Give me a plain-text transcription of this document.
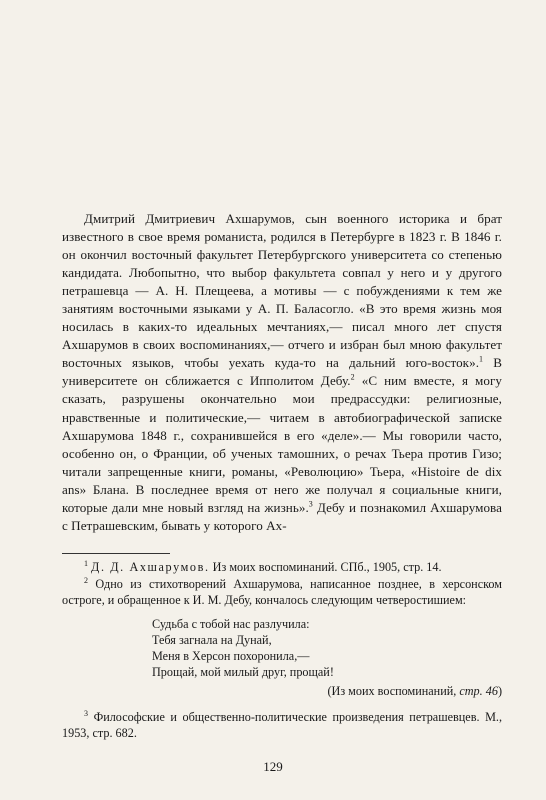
Дмитрий Дмитриевич Ахшарумов, сын военного историка и брат известного в свое время романиста, родился в Петербурге в 1823 г. В 1846 г. он окончил восточный факультет Петербургского университета со степенью кандидата. Любопытно, что выбор факультета совпал у него и у другого петрашевца — А. Н. Плещеева, а мотивы — с побуждениями к тем же занятиям восточными языками у А. П. Баласогло. «В это время жизнь моя носилась в каких-то идеальных мечтаниях,— писал много лет спустя Ахшарумов в своих воспоминаниях,— отчего и избран был мною факультет восточных языков, чтобы уехать куда-то на дальний юго-восток».$^1$ В университете он сближается с Ипполитом Дебу.$^2$ «С ним вместе, я могу сказать, разрушены окончательно мои предрассудки: религиозные, нравственные и политические,— читаем в автобиографической записке Ахшарумова 1848 г., сохранившейся в его «деле».— Мы говорили часто, особенно он, о Франции, об ученых тамошних, о речах Тьера против Гизо; читали запрещенные книги, романы, «Революцию» Тьера, «Histoire de dix ans» Блана. В последнее время от него же получал я социальные книги, которые дали мне новый взгляд на жизнь».$^3$ Дебу и познакомил Ахшарумова с Петрашевским, бывать у которого Ах-

$^1$ Д. Д. Ахшарумов. Из моих воспоминаний. СПб., 1905, стр. 14.

$^2$ Одно из стихотворений Ахшарумова, написанное позднее, в херсонском остроге, и обращенное к И. М. Дебу, кончалось следующим четверостишием:

Судьба с тобой нас разлучила:
Тебя загнала на Дунай,
Меня в Херсон похоронила,—
Прощай, мой милый друг, прощай!
(Из моих воспоминаний, стр. 46)

$^3$ Философские и общественно-политические произведения петрашевцев. М., 1953, стр. 682.

129
